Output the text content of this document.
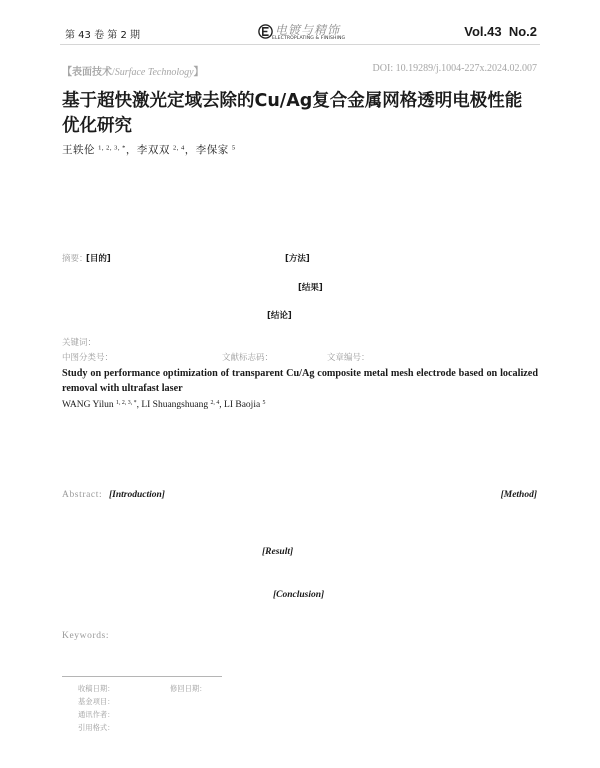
第 43 卷 第 2 期	电镀与精饰
ELECTROPLATING & FINISHING	Vol.43  No.2
【表面技术/Surface Technology】	DOI: 10.19289/j.1004-227x.2024.02.007
基于超快激光定域去除的Cu/Ag复合金属网格透明电极性能
优化研究
王轶伦 $^{1, 2, 3, *}$，李双双 $^{2, 4}$，李保家 $^5$
摘要：
[目的]	[方法]
[结果]
[结论]
关键词：
中图分类号：	文献标志码：	文章编号：
Study on performance optimization of transparent Cu/Ag composite metal mesh electrode based on localized removal with ultrafast laser
WANG Yilun $^{1, 2, 3, *}$, LI Shuangshuang $^{2, 4}$, LI Baojia $^5$
Abstract: [Introduction]	[Method]
[Result]
[Conclusion]
Keywords:
收稿日期：	修回日期：
基金项目：
通讯作者：
引用格式：
